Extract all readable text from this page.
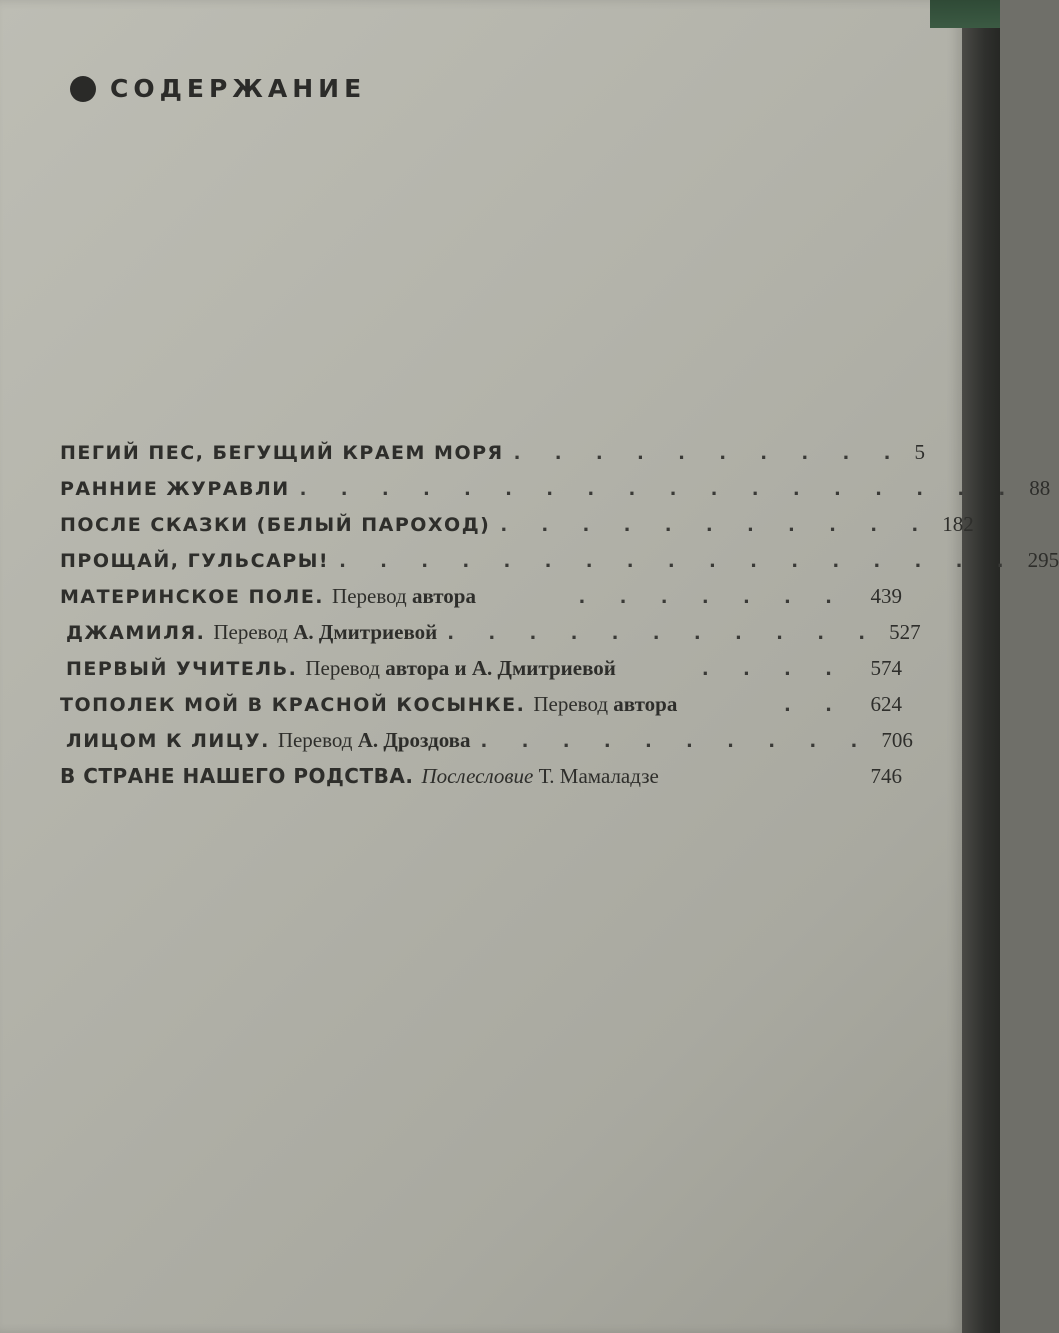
СОДЕРЖАНИЕ
ПЕГИЙ ПЕС, БЕГУЩИЙ КРАЕМ МОРЯ . . . . . . . . . . 5
РАННИЕ ЖУРАВЛИ . . . . . . . . . . . . . . . . . . 88
ПОСЛЕ СКАЗКИ (БЕЛЫЙ ПАРОХОД) . . . . . . . . . . . 182
ПРОЩАЙ, ГУЛЬСАРЫ! . . . . . . . . . . . . . . . . . 295
МАТЕРИНСКОЕ ПОЛЕ. Перевод автора	. . . . . . .	439
ДЖАМИЛЯ. Перевод А. Дмитриевой . . . . . . . . . . . 527
ПЕРВЫЙ УЧИТЕЛЬ. Перевод автора и А. Дмитриевой	. . . .	574
ТОПОЛЕК МОЙ В КРАСНОЙ КОСЫНКЕ. Перевод автора	. .	624
ЛИЦОМ К ЛИЦУ. Перевод А. Дроздова . . . . . . . . . . 706
В СТРАНЕ НАШЕГО РОДСТВА. Послесловие Т. Мамаладзе	746
